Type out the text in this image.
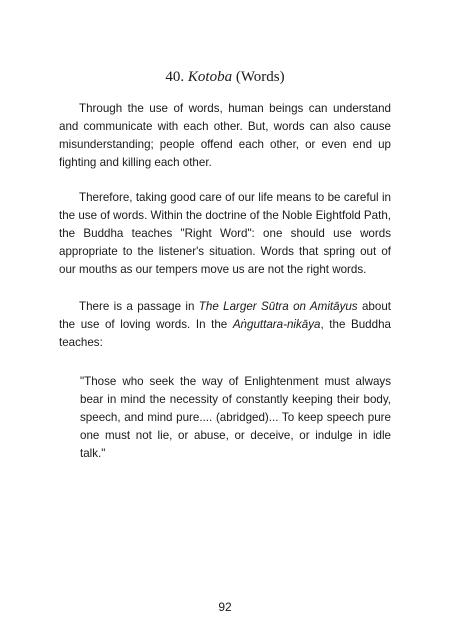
40. Kotoba (Words)

Through the use of words, human beings can understand and communicate with each other. But, words can also cause misunderstanding; people offend each other, or even end up fighting and killing each other.

Therefore, taking good care of our life means to be careful in the use of words. Within the doctrine of the Noble Eightfold Path, the Buddha teaches "Right Word": one should use words appropriate to the listener's situation. Words that spring out of our mouths as our tempers move us are not the right words.

There is a passage in The Larger Sūtra on Amitāyus about the use of loving words. In the Aṅguttara-nikāya, the Buddha teaches:

"Those who seek the way of Enlightenment must always bear in mind the necessity of constantly keeping their body, speech, and mind pure.... (abridged)... To keep speech pure one must not lie, or abuse, or deceive, or indulge in idle talk."

92
